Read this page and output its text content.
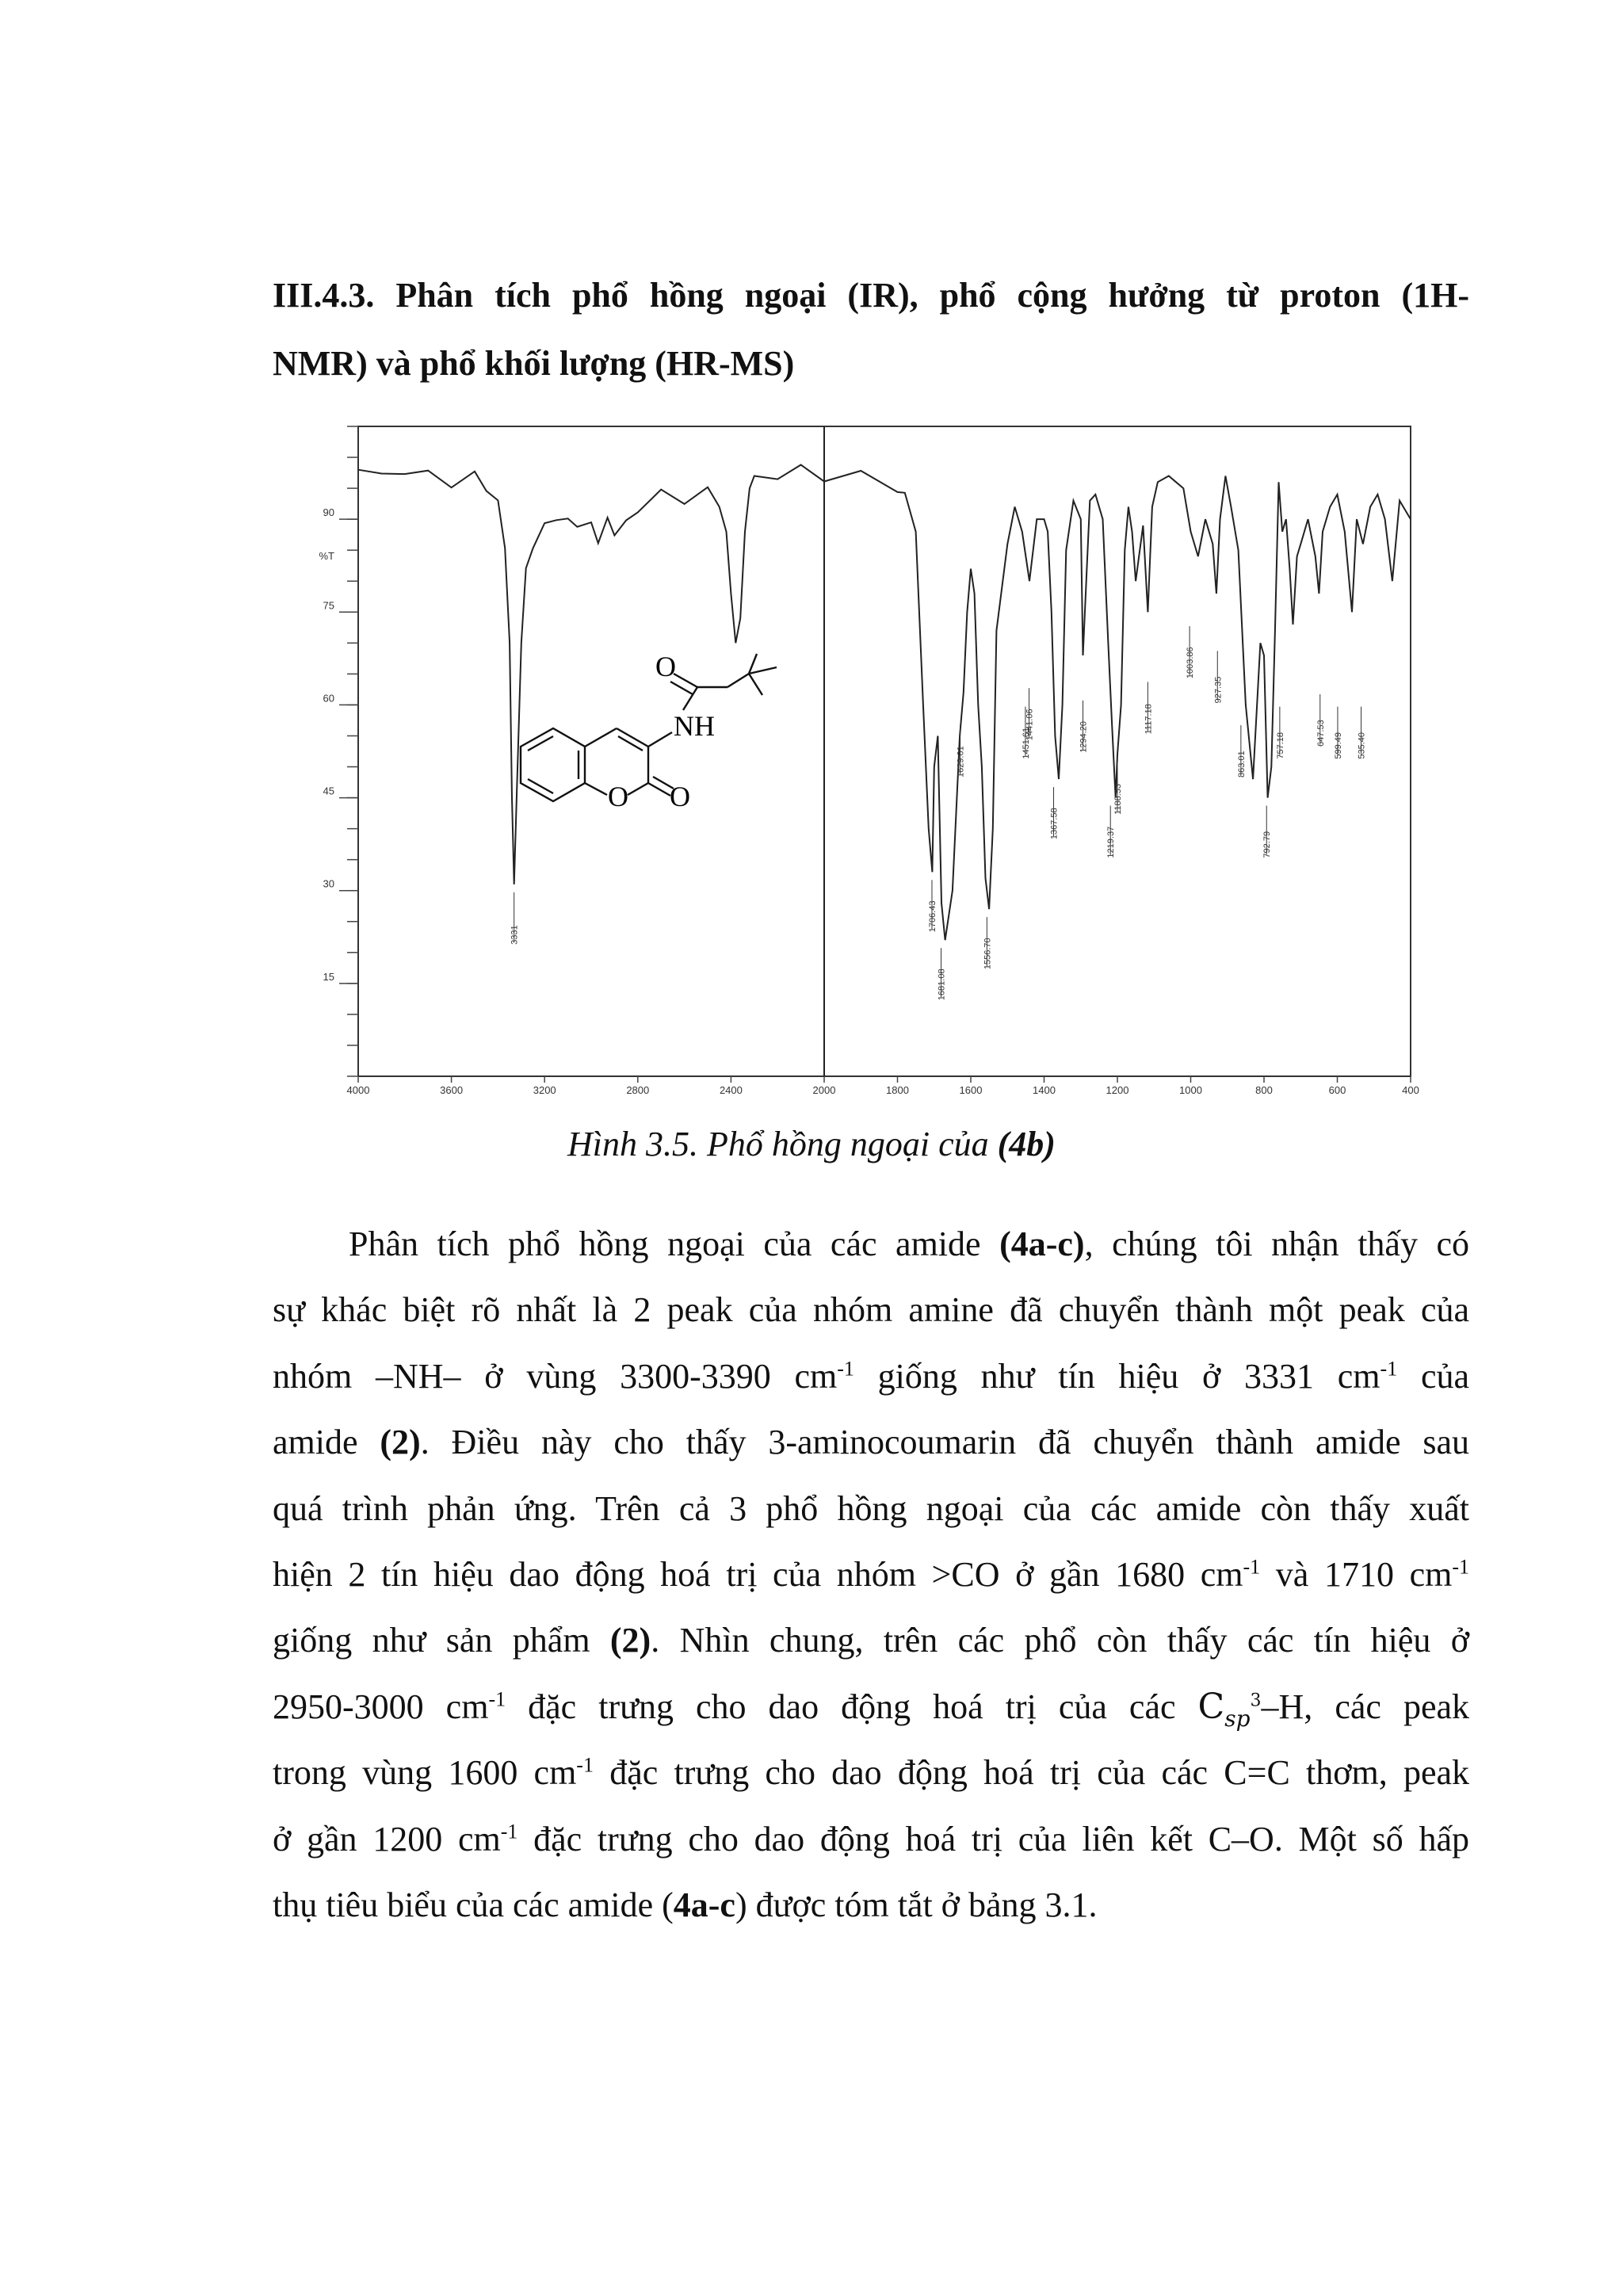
III.4.3. Phân tích phổ hồng ngoại (IR), phổ cộng hưởng từ proton (1H-
NMR) và phổ khối lượng (HR-MS)
15
30
45
60
75
90
%T
4000	3600	3200	2800	2400	2000	1800	1600	1400	1200	1000	800	600	400
3331
1706.43
1681.08
1629.01
1556.70
1451.61
1441.06
1367.58
1294.20
1219.37
1188.53
1117.18
1003.86
927.35
863.01
792.79
757.18	647.53 599.49 535.40
O
NH
O O
Hình 3.5. Phổ hồng ngoại của (4b)
Phân tích phổ hồng ngoại của các amide (4a-c), chúng tôi nhận thấy có
sự khác biệt rõ nhất là 2 peak của nhóm amine đã chuyển thành một peak của
nhóm –NH– ở vùng 3300-3390 $cm^{-1}$ giống như tín hiệu ở 3331 $cm^{-1}$ của
amide (2). Điều này cho thấy 3-aminocoumarin đã chuyển thành amide sau
quá trình phản ứng. Trên cả 3 phổ hồng ngoại của các amide còn thấy xuất
hiện 2 tín hiệu dao động hoá trị của nhóm >CO ở gần 1680 $cm^{-1}$ và 1710 $cm^{-1}$
giống như sản phẩm (2). Nhìn chung, trên các phổ còn thấy các tín hiệu ở
2950-3000 $cm^{-1}$ đặc trưng cho dao động hoá trị của các $C_{sp}^3-H$, các peak
trong vùng 1600 $cm^{-1}$ đặc trưng cho dao động hoá trị của các C=C thơm, peak
ở gần 1200 $cm^{-1}$ đặc trưng cho dao động hoá trị của liên kết C–O. Một số hấp
thụ tiêu biểu của các amide (4a-c) được tóm tắt ở bảng 3.1.
